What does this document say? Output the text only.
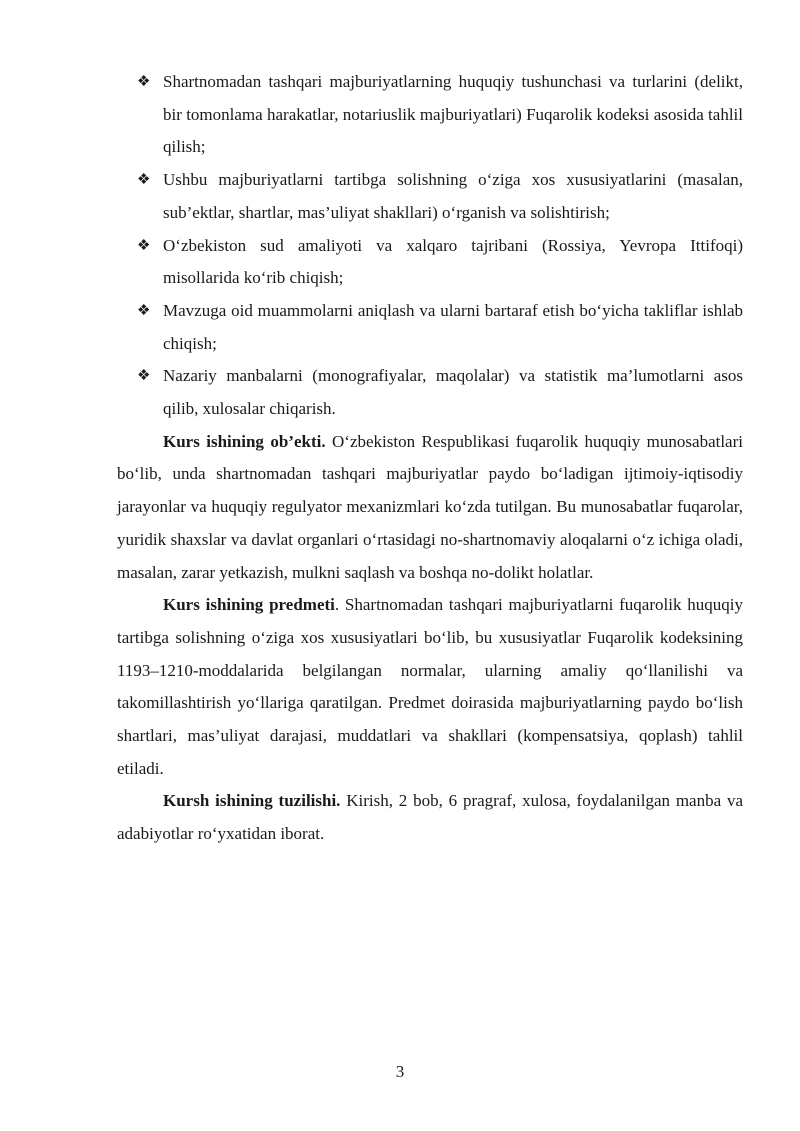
❖ Shartnomadan tashqari majburiyatlarning huquqiy tushunchasi va turlarini (delikt, bir tomonlama harakatlar, notariuslik majburiyatlari) Fuqarolik kodeksi asosida tahlil qilish;
❖ Ushbu majburiyatlarni tartibga solishning o‘ziga xos xususiyatlarini (masalan, sub’ektlar, shartlar, mas’uliyat shakllari) o‘rganish va solishtirish;
❖ O‘zbekiston sud amaliyoti va xalqaro tajribani (Rossiya, Yevropa Ittifoqi) misollarida ko‘rib chiqish;
❖ Mavzuga oid muammolarni aniqlash va ularni bartaraf etish bo‘yicha takliflar ishlab chiqish;
❖ Nazariy manbalarni (monografiyalar, maqolalar) va statistik ma’lumotlarni asos qilib, xulosalar chiqarish.

Kurs ishining ob’ekti. O‘zbekiston Respublikasi fuqarolik huquqiy munosabatlari bo‘lib, unda shartnomadan tashqari majburiyatlar paydo bo‘ladigan ijtimoiy-iqtisodiy jarayonlar va huquqiy regulyator mexanizmlari ko‘zda tutilgan. Bu munosabatlar fuqarolar, yuridik shaxslar va davlat organlari o‘rtasidagi no-shartnomaviy aloqalarni o‘z ichiga oladi, masalan, zarar yetkazish, mulkni saqlash va boshqa no-dolikt holatlar.

Kurs ishining predmeti. Shartnomadan tashqari majburiyatlarni fuqarolik huquqiy tartibga solishning o‘ziga xos xususiyatlari bo‘lib, bu xususiyatlar Fuqarolik kodeksining 1193–1210-moddalarida belgilangan normalar, ularning amaliy qo‘llanilishi va takomillashtirish yo‘llariga qaratilgan. Predmet doirasida majburiyatlarning paydo bo‘lish shartlari, mas’uliyat darajasi, muddatlari va shakllari (kompensatsiya, qoplash) tahlil etiladi.

Kursh ishining tuzilishi. Kirish, 2 bob, 6 pragraf, xulosa, foydalanilgan manba va adabiyotlar ro‘yxatidan iborat.

3
